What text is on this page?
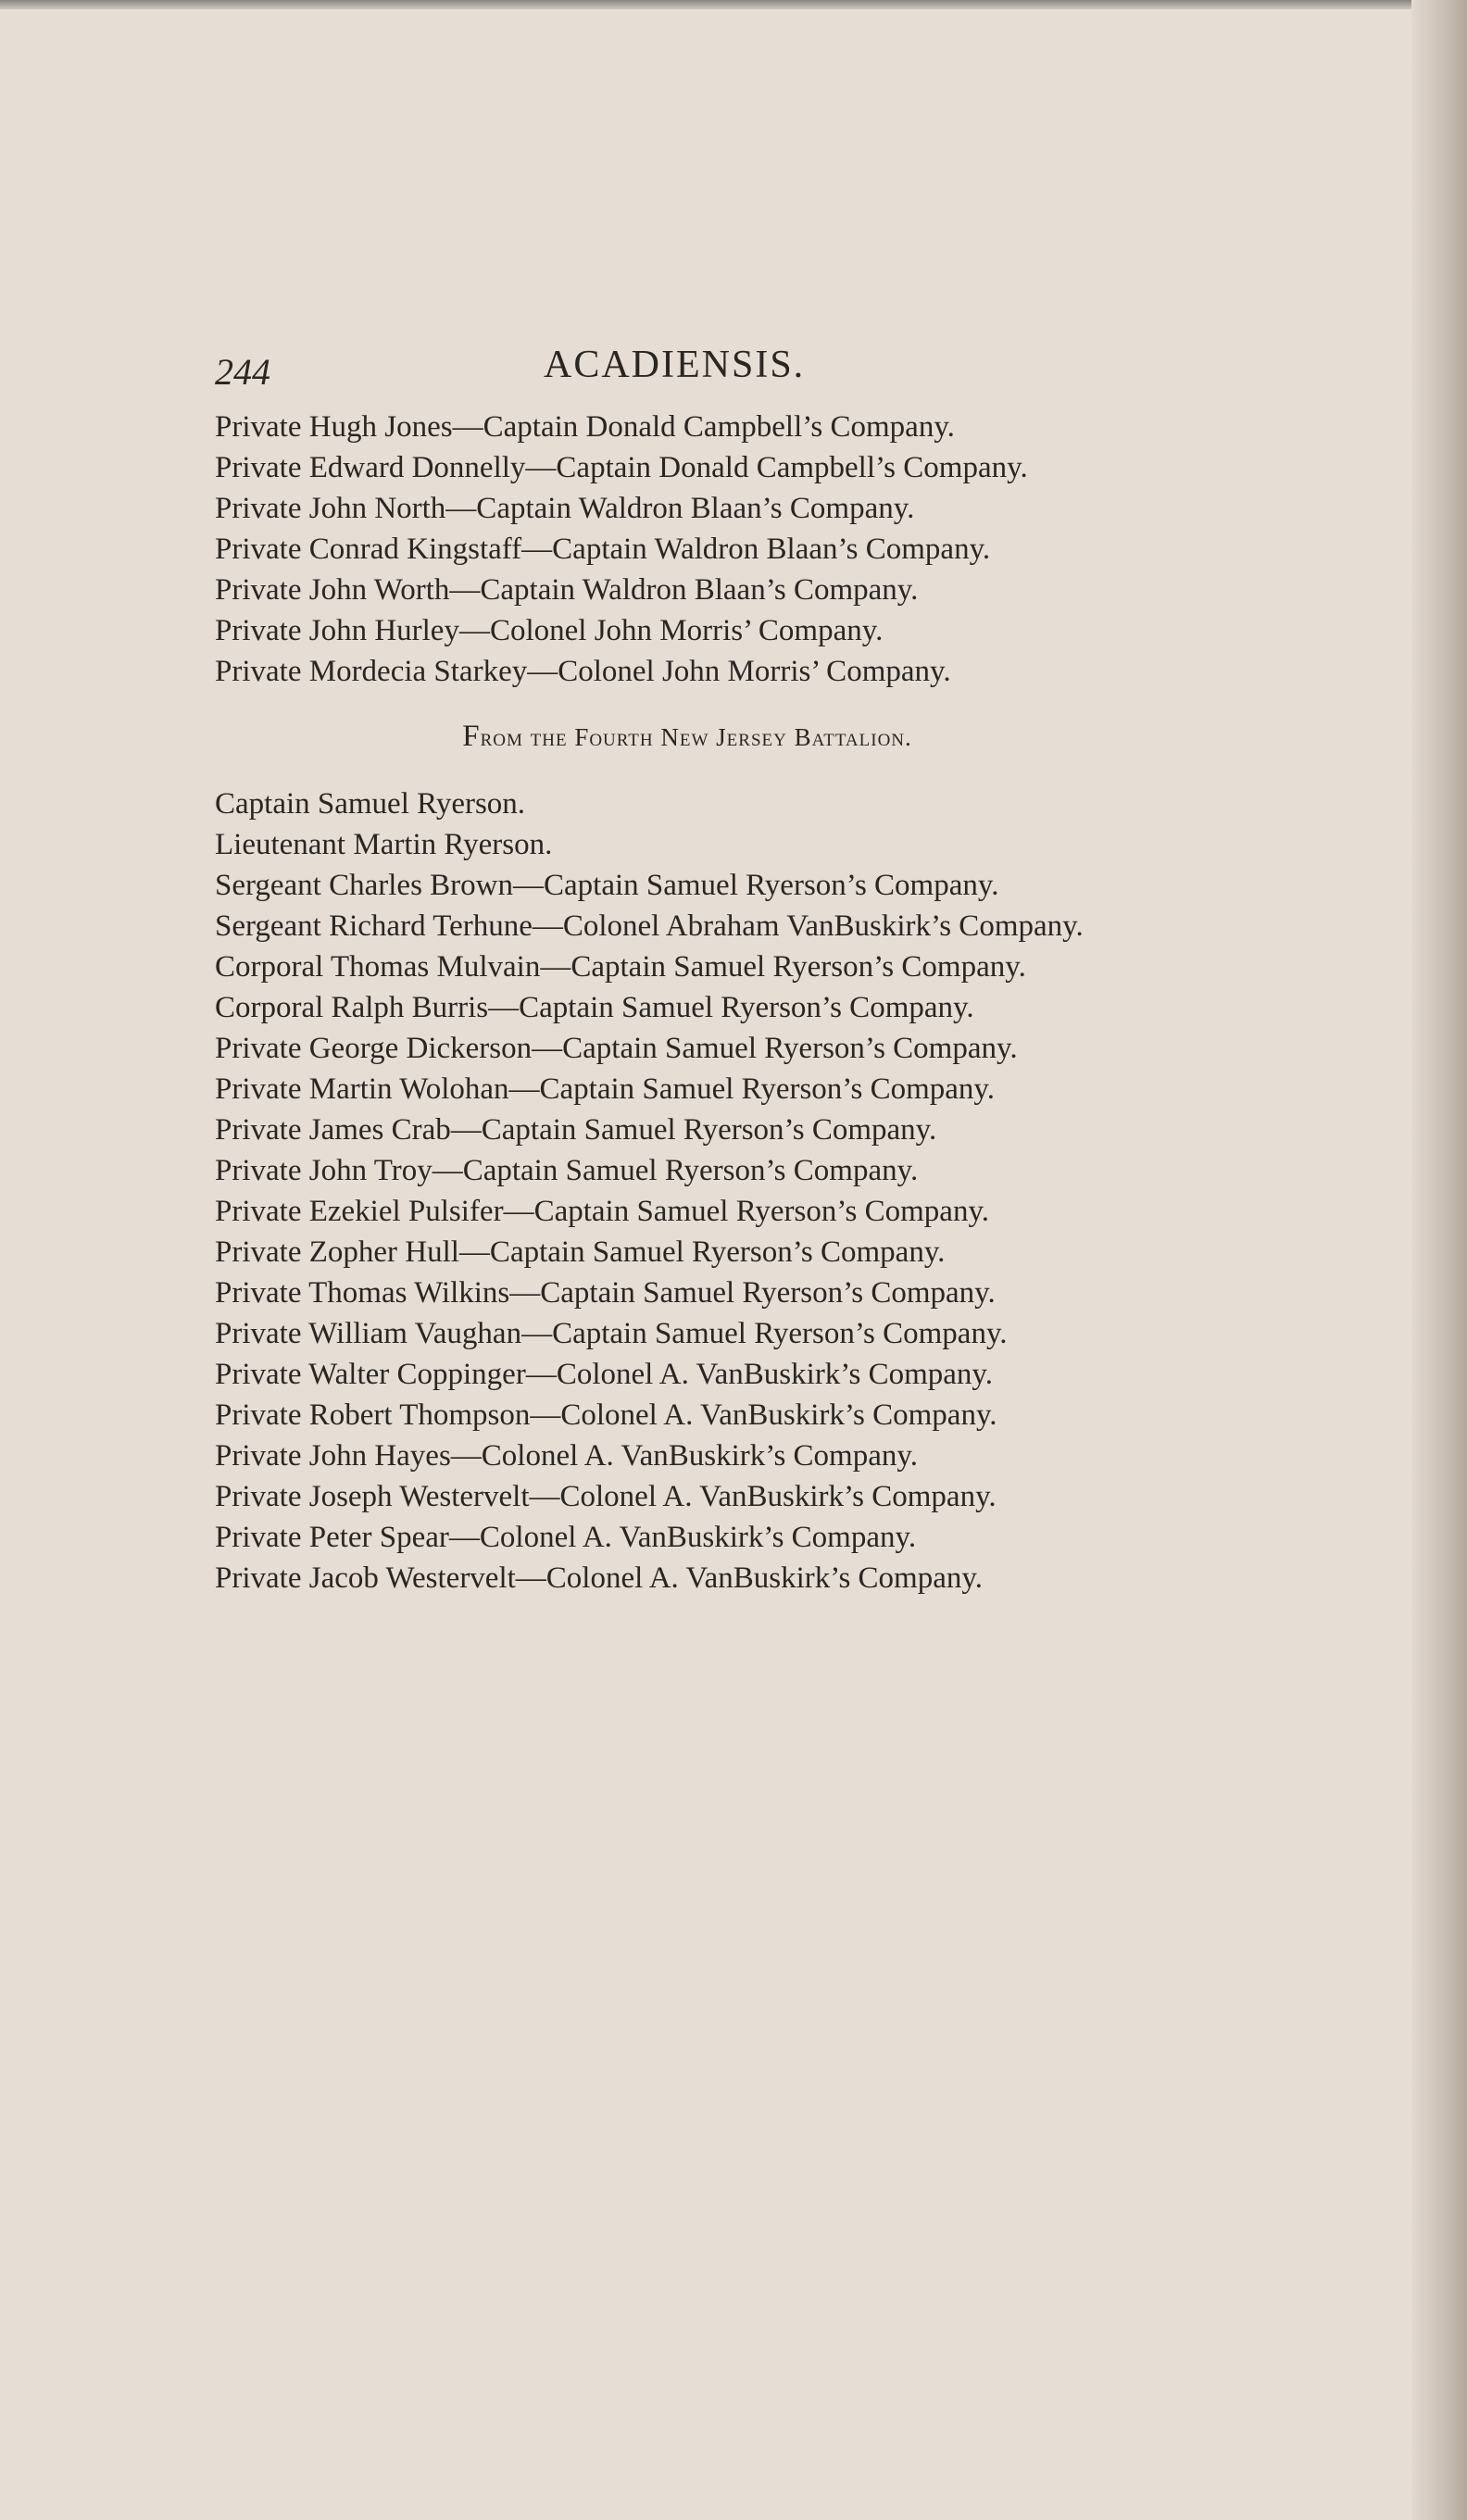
244	ACADIENSIS.

Private Hugh Jones—Captain Donald Campbell’s Company.

Private Edward Donnelly—Captain Donald Campbell’s Company.

Private John North—Captain Waldron Blaan’s Company.

Private Conrad Kingstaff—Captain Waldron Blaan’s Company.

Private John Worth—Captain Waldron Blaan’s Company.

Private John Hurley—Colonel John Morris’ Company.

Private Mordecia Starkey—Colonel John Morris’ Company.

From the Fourth New Jersey Battalion.

Captain Samuel Ryerson.

Lieutenant Martin Ryerson.

Sergeant Charles Brown—Captain Samuel Ryerson’s Company.

Sergeant Richard Terhune—Colonel Abraham VanBuskirk’s Company.

Corporal Thomas Mulvain—Captain Samuel Ryerson’s Company.

Corporal Ralph Burris—Captain Samuel Ryerson’s Company.

Private George Dickerson—Captain Samuel Ryerson’s Company.

Private Martin Wolohan—Captain Samuel Ryerson’s Company.

Private James Crab—Captain Samuel Ryerson’s Company.

Private John Troy—Captain Samuel Ryerson’s Company.

Private Ezekiel Pulsifer—Captain Samuel Ryerson’s Company.

Private Zopher Hull—Captain Samuel Ryerson’s Company.

Private Thomas Wilkins—Captain Samuel Ryerson’s Company.

Private William Vaughan—Captain Samuel Ryerson’s Company.

Private Walter Coppinger—Colonel A. VanBuskirk’s Company.

Private Robert Thompson—Colonel A. VanBuskirk’s Company.

Private John Hayes—Colonel A. VanBuskirk’s Company.

Private Joseph Westervelt—Colonel A. VanBuskirk’s Company.

Private Peter Spear—Colonel A. VanBuskirk’s Company.

Private Jacob Westervelt—Colonel A. VanBuskirk’s Company.
